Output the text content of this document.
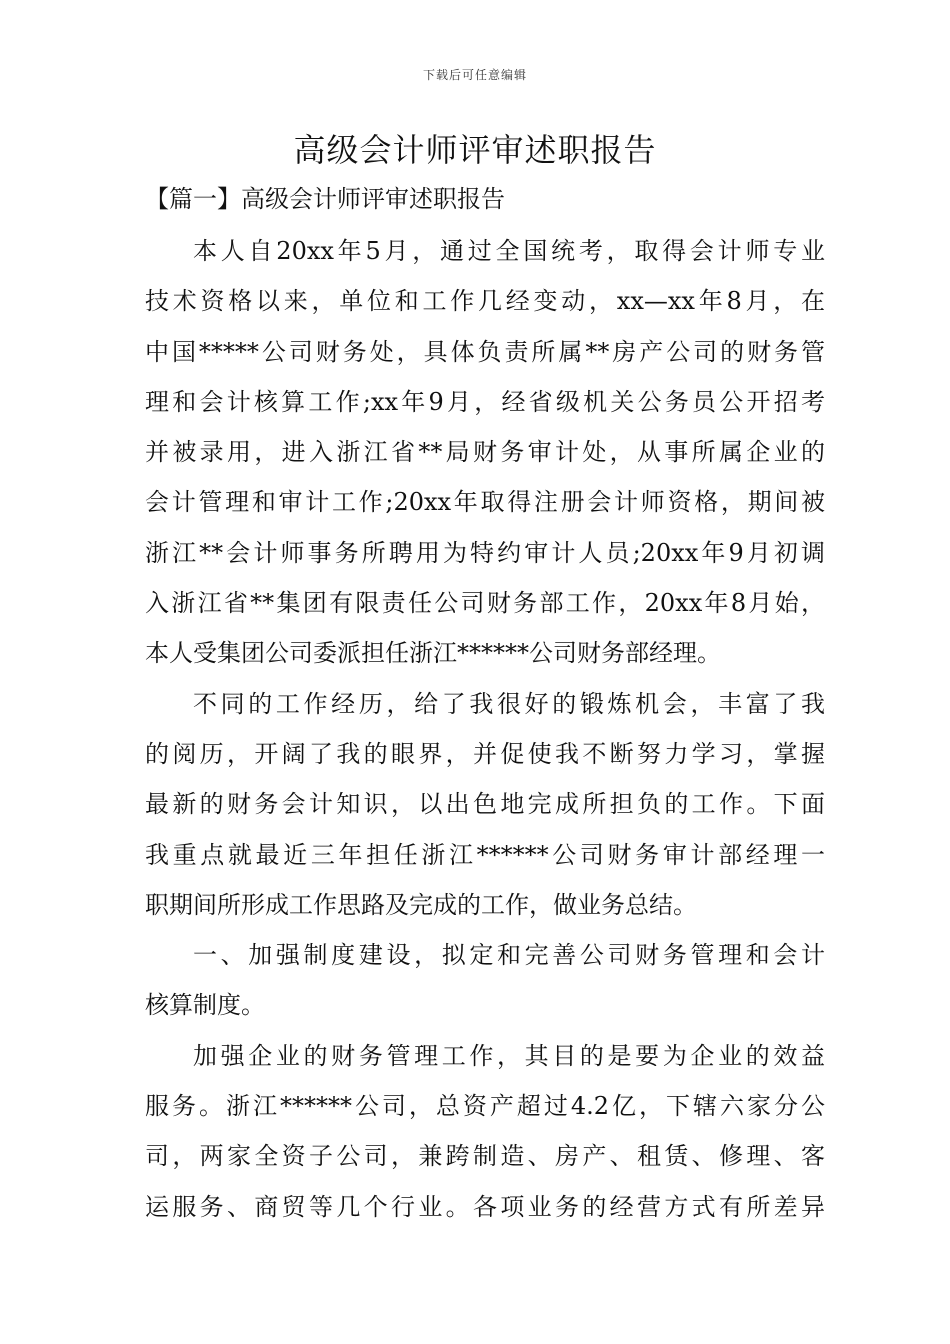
下载后可任意编辑
高级会计师评审述职报告
【篇一】高级会计师评审述职报告
本人自20xx年5月，通过全国统考，取得会计师专业
技术资格以来，单位和工作几经变动，xx—xx年8月，在
中国*****公司财务处，具体负责所属**房产公司的财务管
理和会计核算工作;xx年9月，经省级机关公务员公开招考
并被录用，进入浙江省**局财务审计处，从事所属企业的
会计管理和审计工作;20xx年取得注册会计师资格，期间被
浙江**会计师事务所聘用为特约审计人员;20xx年9月初调
入浙江省**集团有限责任公司财务部工作，20xx年8月始，
本人受集团公司委派担任浙江******公司财务部经理。
不同的工作经历，给了我很好的锻炼机会，丰富了我
的阅历，开阔了我的眼界，并促使我不断努力学习，掌握
最新的财务会计知识，以出色地完成所担负的工作。下面
我重点就最近三年担任浙江******公司财务审计部经理一
职期间所形成工作思路及完成的工作，做业务总结。
一、加强制度建设，拟定和完善公司财务管理和会计
核算制度。
加强企业的财务管理工作，其目的是要为企业的效益
服务。浙江******公司，总资产超过4.2亿，下辖六家分公
司，两家全资子公司，兼跨制造、房产、租赁、修理、客
运服务、商贸等几个行业。各项业务的经营方式有所差异
